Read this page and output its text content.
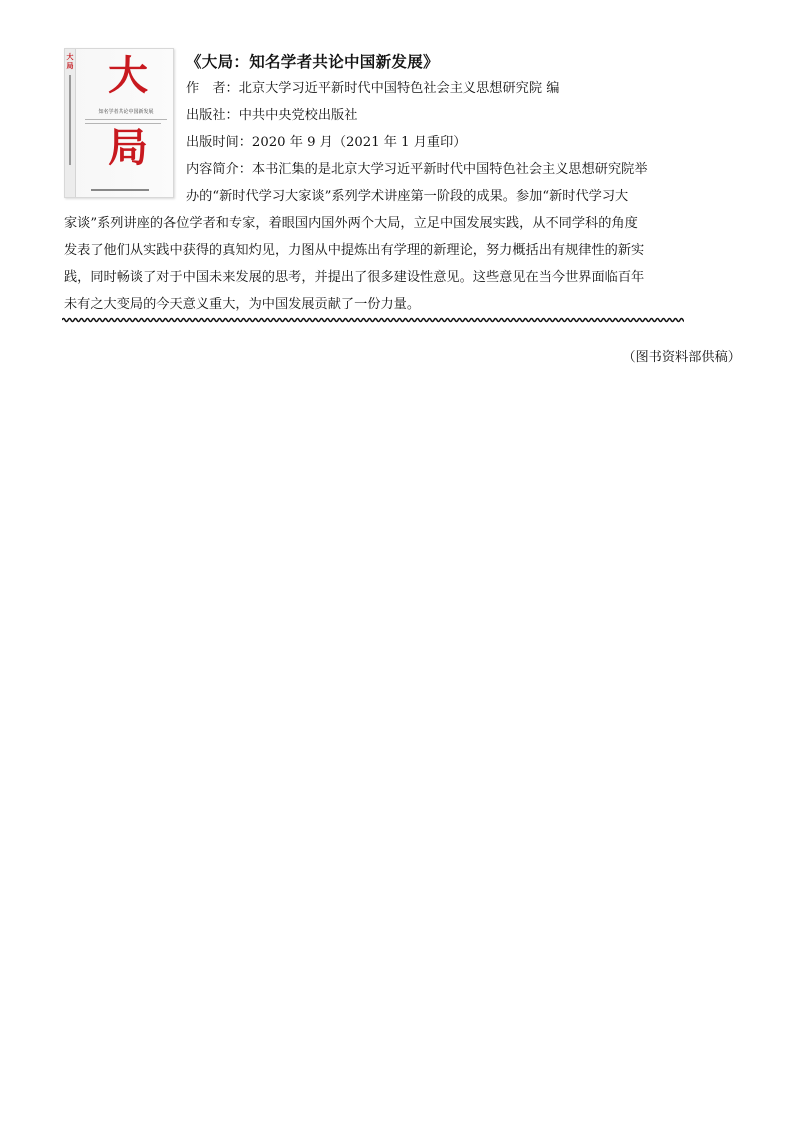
大
局 大
知名学者共论中国新发展
局
《大局：知名学者共论中国新发展》
作　者：北京大学习近平新时代中国特色社会主义思想研究院 编
出版社：中共中央党校出版社
出版时间：2020 年 9 月（2021 年 1 月重印）
内容简介：本书汇集的是北京大学习近平新时代中国特色社会主义思想研究院举
办的“新时代学习大家谈”系列学术讲座第一阶段的成果。参加“新时代学习大
家谈”系列讲座的各位学者和专家，着眼国内国外两个大局，立足中国发展实践，从不同学科的角度
发表了他们从实践中获得的真知灼见，力图从中提炼出有学理的新理论，努力概括出有规律性的新实
践，同时畅谈了对于中国未来发展的思考，并提出了很多建设性意见。这些意见在当今世界面临百年
未有之大变局的今天意义重大，为中国发展贡献了一份力量。
（图书资料部供稿）
